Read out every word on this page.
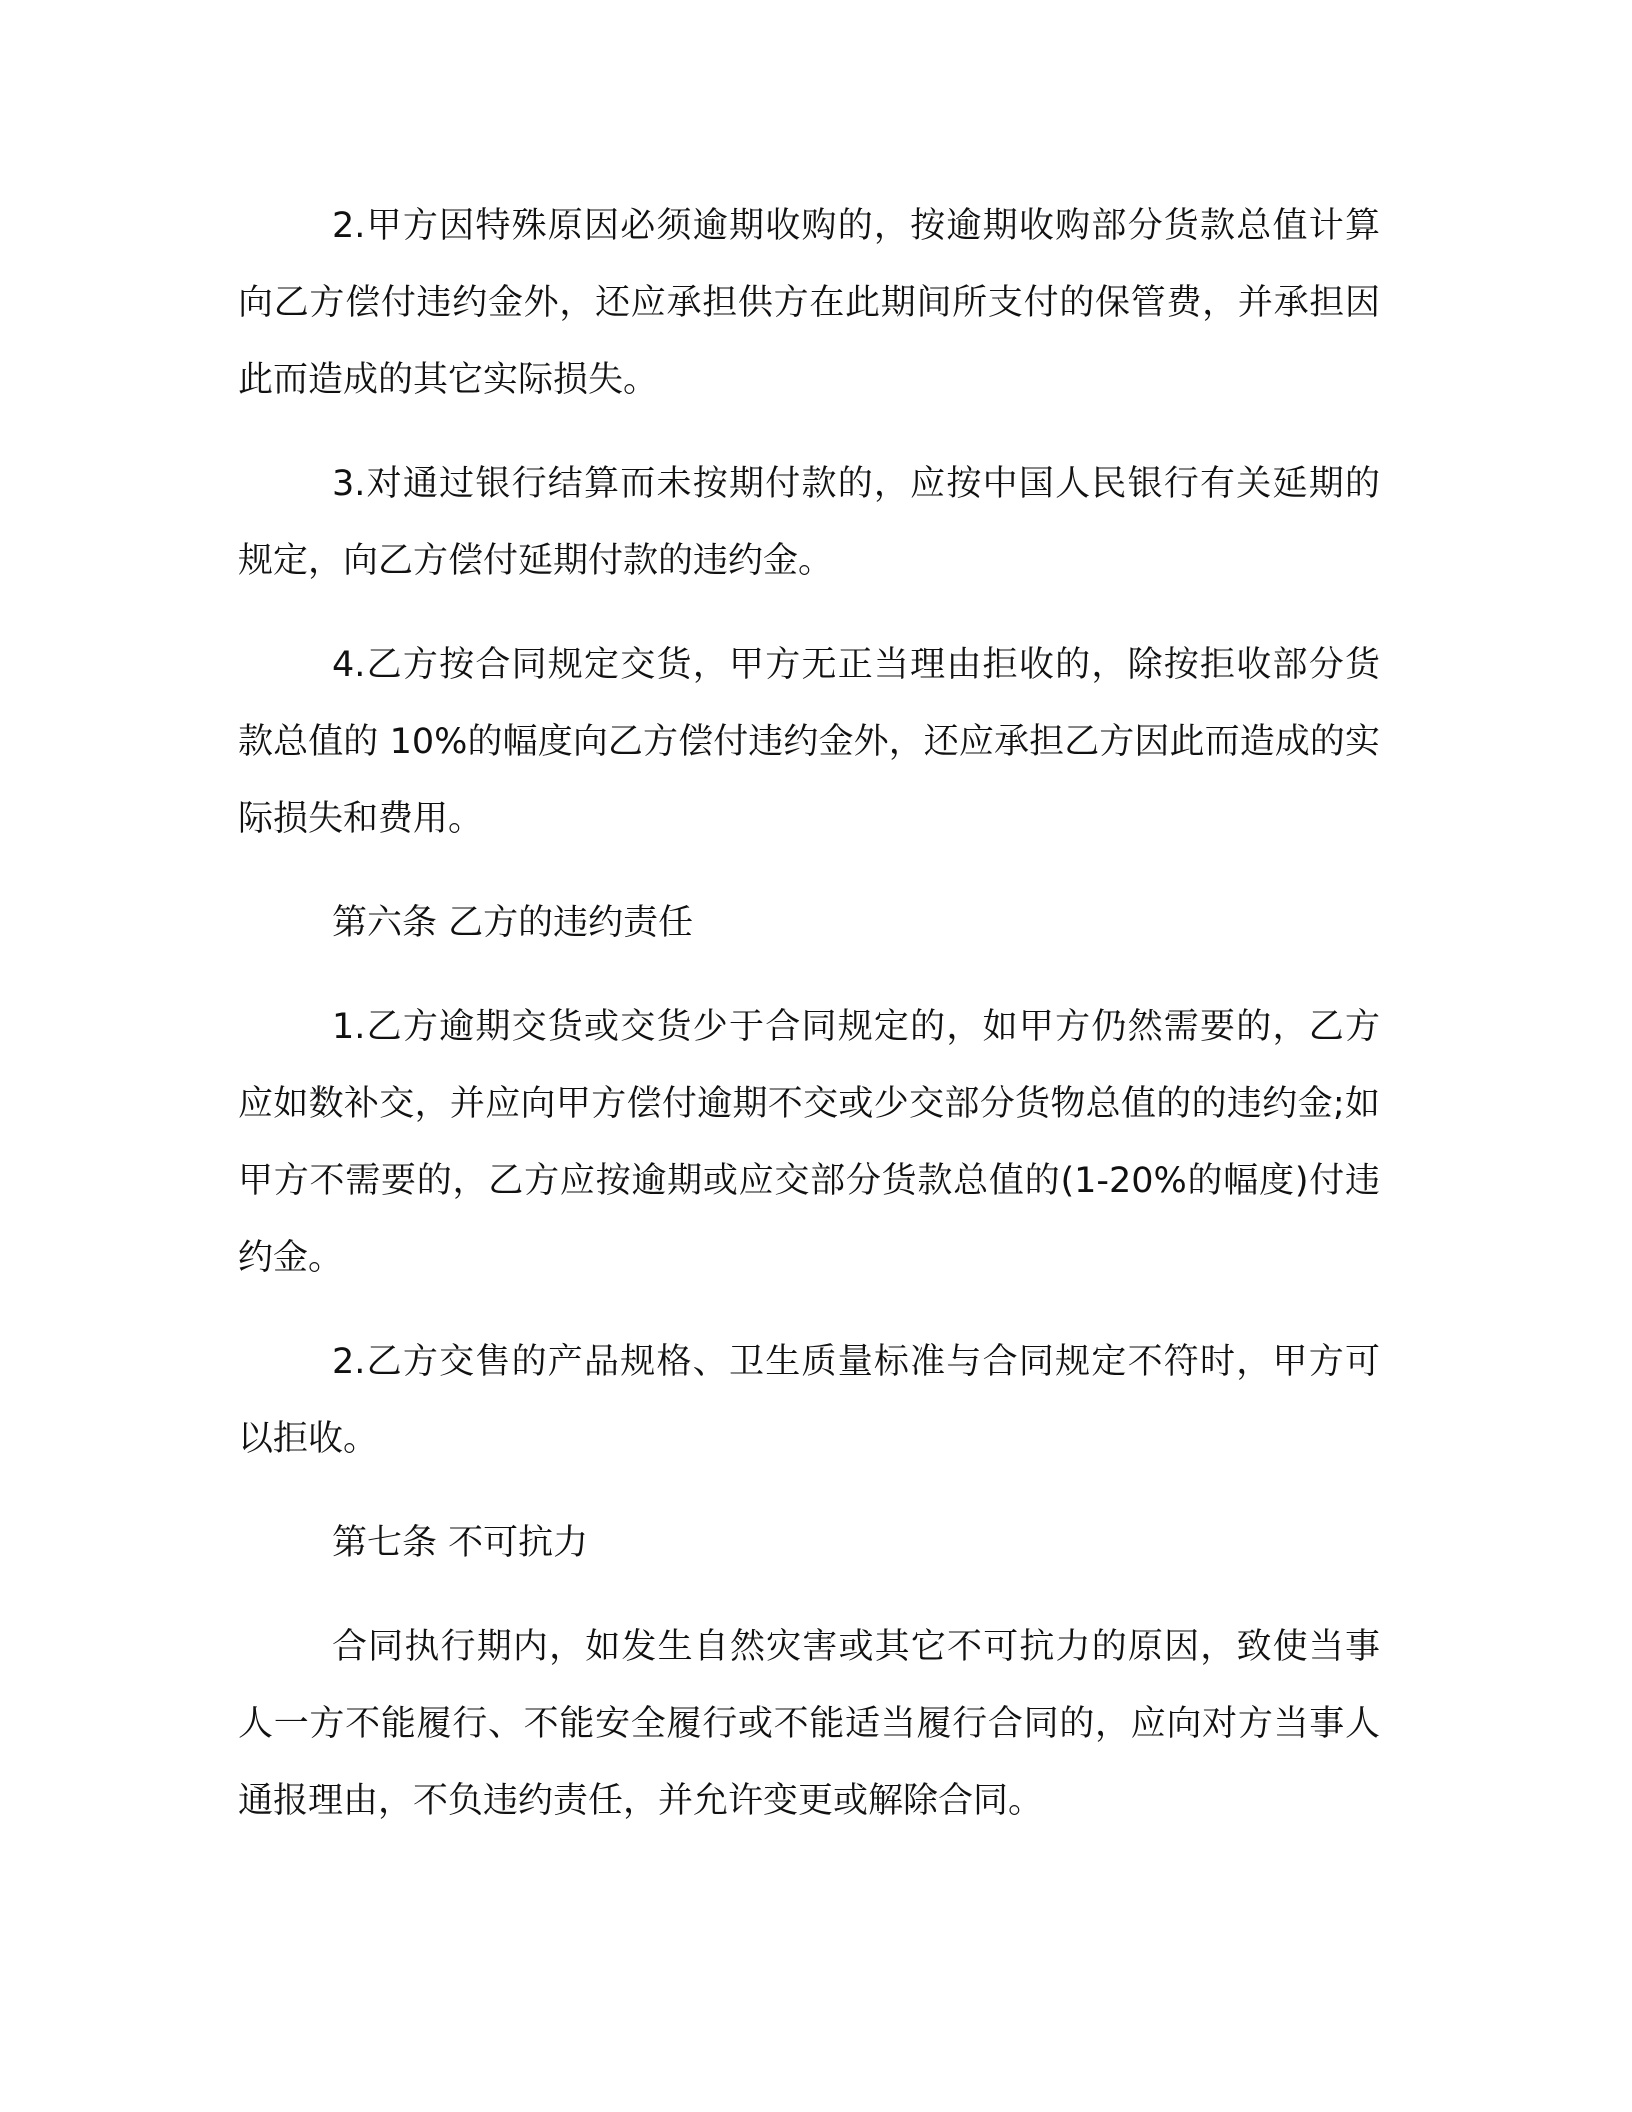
2.甲方因特殊原因必须逾期收购的，按逾期收购部分货款总值计算向乙方偿付违约金外，还应承担供方在此期间所支付的保管费，并承担因此而造成的其它实际损失。

3.对通过银行结算而未按期付款的，应按中国人民银行有关延期的规定，向乙方偿付延期付款的违约金。

4.乙方按合同规定交货，甲方无正当理由拒收的，除按拒收部分货款总值的 10%的幅度向乙方偿付违约金外，还应承担乙方因此而造成的实际损失和费用。

第六条 乙方的违约责任

1.乙方逾期交货或交货少于合同规定的，如甲方仍然需要的，乙方应如数补交，并应向甲方偿付逾期不交或少交部分货物总值的的违约金;如甲方不需要的，乙方应按逾期或应交部分货款总值的(1-20%的幅度)付违约金。

2.乙方交售的产品规格、卫生质量标准与合同规定不符时，甲方可以拒收。

第七条 不可抗力

合同执行期内，如发生自然灾害或其它不可抗力的原因，致使当事人一方不能履行、不能安全履行或不能适当履行合同的，应向对方当事人通报理由，不负违约责任，并允许变更或解除合同。
